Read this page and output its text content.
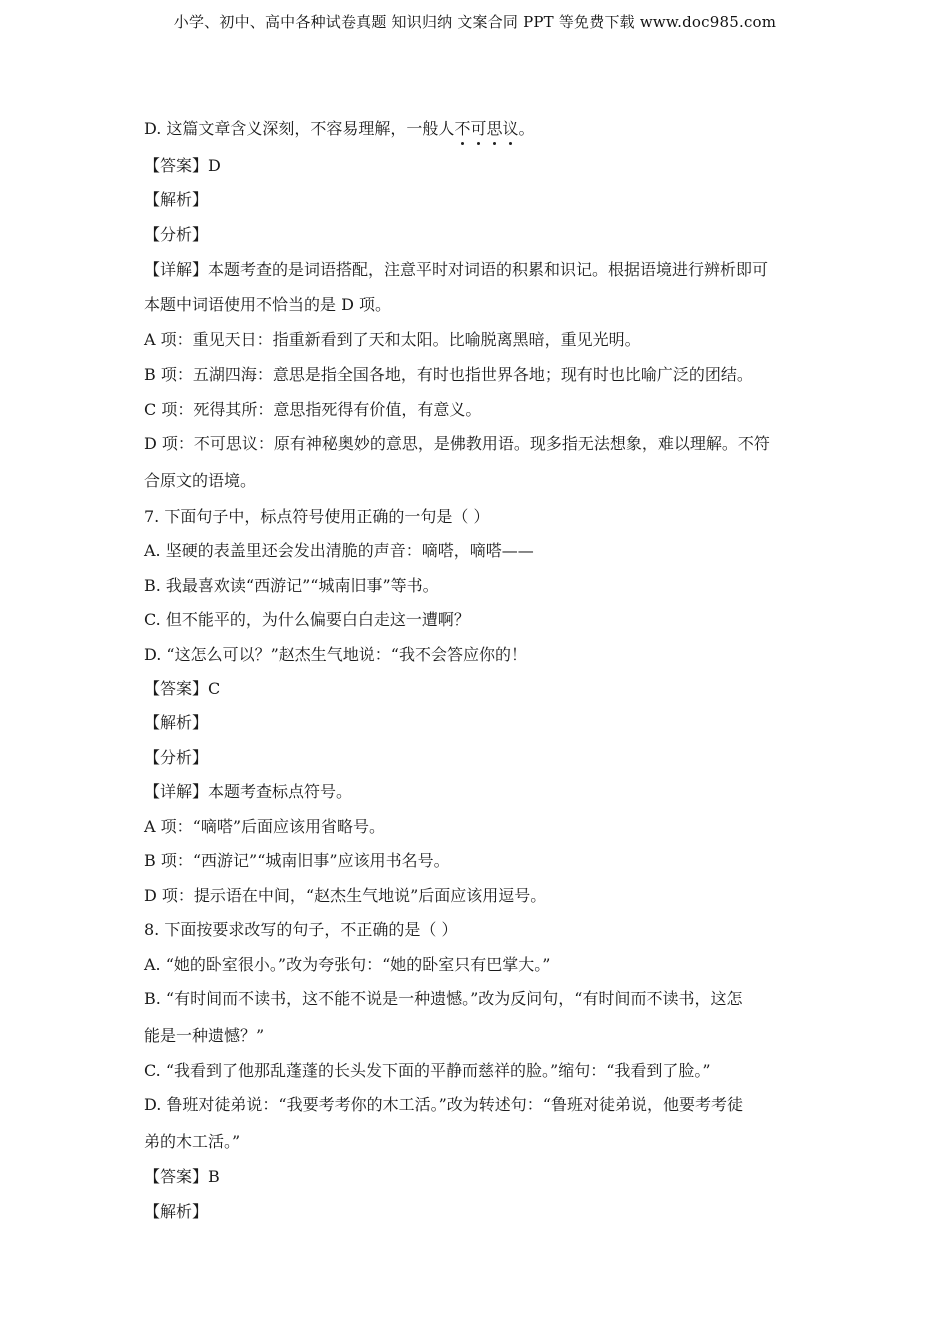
小学、初中、高中各种试卷真题 知识归纳 文案合同 PPT 等免费下载 www.doc985.com
D. 这篇文章含义深刻，不容易理解，一般人不可思议
。
【答案】D
【解析】
【分析】
【详解】本题考查的是词语搭配，注意平时对词语的积累和识记。根据语境进行辨析即可
本题中词语使用不恰当的是 D 项。
A 项：重见天日：指重新看到了天和太阳。比喻脱离黑暗，重见光明。
B 项：五湖四海：意思是指全国各地，有时也指世界各地；现有时也比喻广泛的团结。
C 项：死得其所：意思指死得有价值，有意义。
D 项：不可思议：原有神秘奥妙的意思，是佛教用语。现多指无法想象，难以理解。不符
合原文的语境。
7. 下面句子中，标点符号使用正确的一句是（ ）
A. 坚硬的表盖里还会发出清脆的声音：嘀嗒，嘀嗒——
B. 我最喜欢读“西游记”“城南旧事”等书。
C. 但不能平的，为什么偏要白白走这一遭啊？
D. “这怎么可以？”赵杰生气地说：“我不会答应你的！
【答案】C
【解析】
【分析】
【详解】本题考查标点符号。
A 项：“嘀嗒”后面应该用省略号。
B 项：“西游记”“城南旧事”应该用书名号。
D 项：提示语在中间，“赵杰生气地说”后面应该用逗号。
8. 下面按要求改写的句子，不正确的是（ ）
A. “她的卧室很小。”改为夸张句：“她的卧室只有巴掌大。”
B. “有时间而不读书，这不能不说是一种遗憾。”改为反问句，“有时间而不读书，这怎
能是一种遗憾？”
C. “我看到了他那乱蓬蓬的长头发下面的平静而慈祥的脸。”缩句：“我看到了脸。”
D. 鲁班对徒弟说：“我要考考你的木工活。”改为转述句：“鲁班对徒弟说，他要考考徒
弟的木工活。”
【答案】B
【解析】
